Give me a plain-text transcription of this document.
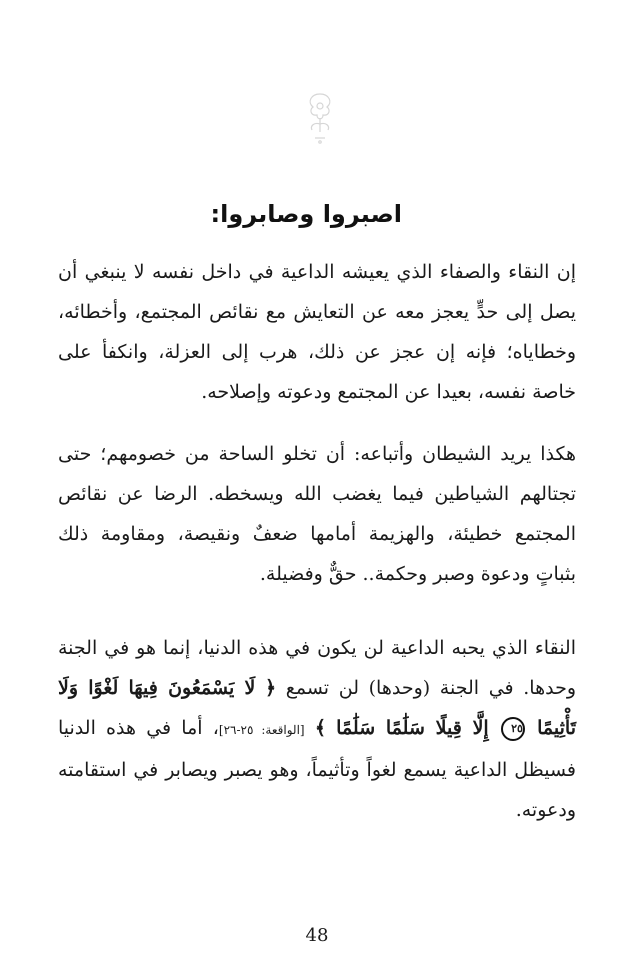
اصبروا وصابروا:

إن النقاء والصفاء الذي يعيشه الداعية في داخل نفسه لا ينبغي أن يصل إلى حدٍّ يعجز معه عن التعايش مع نقائص المجتمع، وأخطائه، وخطاياه؛ فإنه إن عجز عن ذلك، هرب إلى العزلة، وانكفأ على خاصة نفسه، بعيدا عن المجتمع ودعوته وإصلاحه.

هكذا يريد الشيطان وأتباعه: أن تخلو الساحة من خصومهم؛ حتى تجتالهم الشياطين فيما يغضب الله ويسخطه. الرضا عن نقائص المجتمع خطيئة، والهزيمة أمامها ضعفٌ ونقيصة، ومقاومة ذلك بثباتٍ ودعوة وصبر وحكمة.. حقٌّ وفضيلة.

النقاء الذي يحبه الداعية لن يكون في هذه الدنيا، إنما هو في الجنة وحدها. في الجنة (وحدها) لن تسمع ﴿ لَا يَسْمَعُونَ فِيهَا لَغْوًا وَلَا تَأْثِيمًا ٢٥ إِلَّا قِيلًا سَلَٰمًا سَلَٰمًا ﴾ [الواقعة: ٢٥-٢٦]، أما في هذه الدنيا فسيظل الداعية يسمع لغواً وتأثيماً، وهو يصبر ويصابر في استقامته ودعوته.

48
